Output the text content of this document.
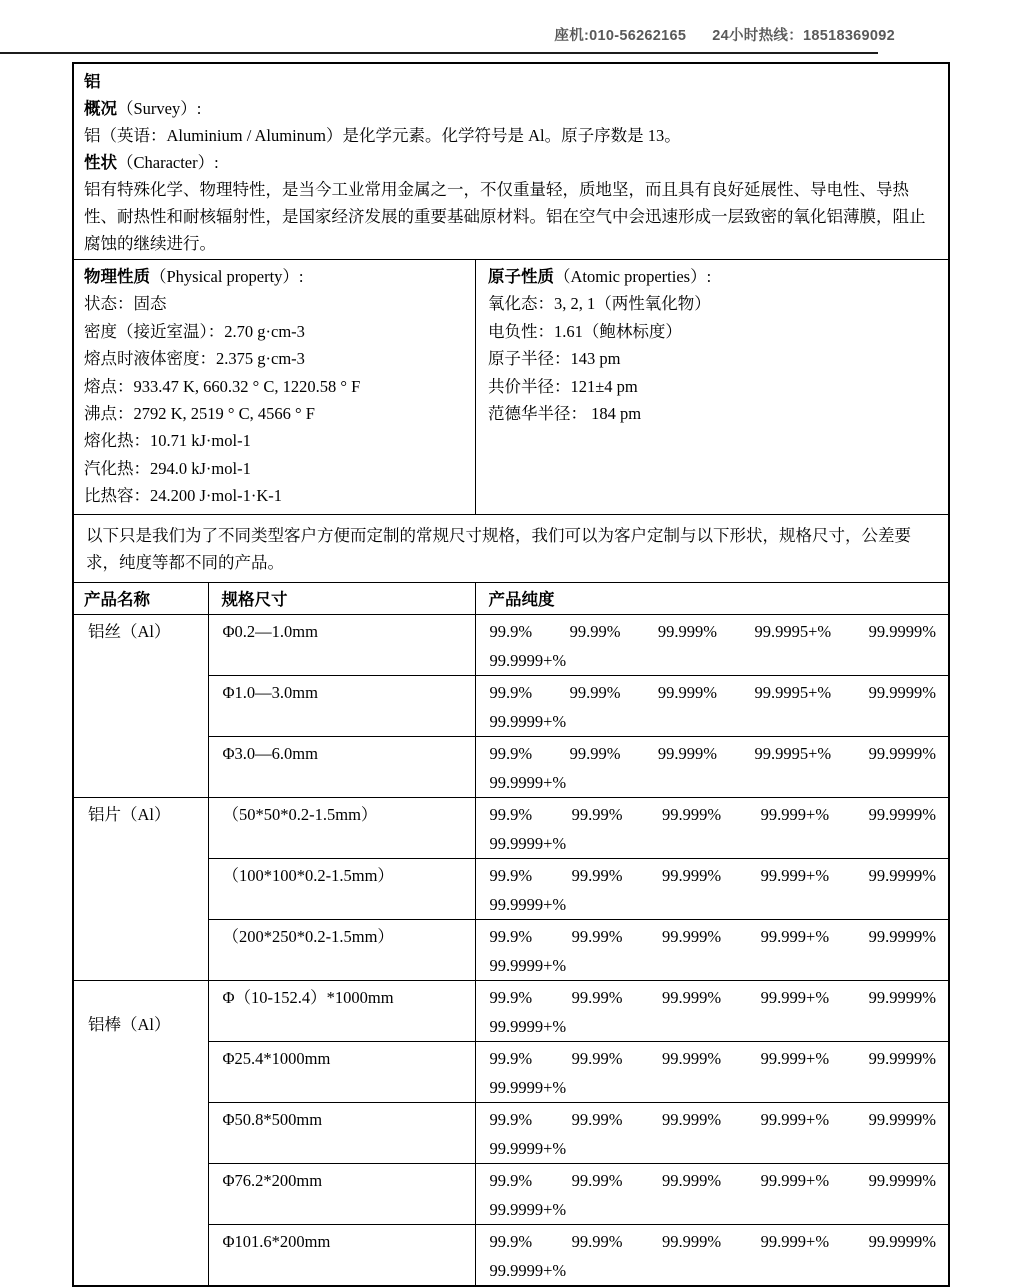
座机:010-56262165 24小时热线：18518369092
铝
概况（Survey）:
铝（英语：Aluminium / Aluminum）是化学元素。化学符号是 Al。原子序数是 13。
性状（Character）:
铝有特殊化学、物理特性，是当今工业常用金属之一，不仅重量轻，质地坚，而且具有良好延展性、导电性、导热性、耐热性和耐核辐射性，是国家经济发展的重要基础原材料。铝在空气中会迅速形成一层致密的氧化铝薄膜，阻止腐蚀的继续进行。
物理性质（Physical property）:
状态：固态
密度（接近室温）：2.70 g·cm-3
熔点时液体密度：2.375 g·cm-3
熔点：933.47 K, 660.32 ° C, 1220.58 ° F
沸点：2792 K, 2519 ° C, 4566 ° F
熔化热：10.71 kJ·mol-1
汽化热：294.0 kJ·mol-1
比热容：24.200 J·mol-1·K-1
原子性质（Atomic properties）:
氧化态：3, 2, 1（两性氧化物）
电负性：1.61（鲍林标度）
原子半径：143 pm
共价半径：121±4 pm
范德华半径： 184 pm
以下只是我们为了不同类型客户方便而定制的常规尺寸规格，我们可以为客户定制与以下形状，规格尺寸，公差要求，纯度等都不同的产品。
产品名称	规格尺寸	产品纯度
铝丝（Al）	Φ0.2—1.0mm	99.9% 99.99% 99.999% 99.9995+% 99.9999%
99.9999+%

Φ1.0—3.0mm	99.9% 99.99% 99.999% 99.9995+% 99.9999%
99.9999+%

Φ3.0—6.0mm	99.9% 99.99% 99.999% 99.9995+% 99.9999%
99.9999+%

铝片（Al）	（50*50*0.2-1.5mm）	99.9% 99.99% 99.999% 99.999+% 99.9999%
99.9999+%

（100*100*0.2-1.5mm）	99.9% 99.99% 99.999% 99.999+% 99.9999%
99.9999+%

（200*250*0.2-1.5mm）	99.9% 99.99% 99.999% 99.999+% 99.9999%
99.9999+%

铝棒（Al）	Φ（10-152.4）*1000mm	99.9% 99.99% 99.999% 99.999+% 99.9999%
99.9999+%

Φ25.4*1000mm	99.9% 99.99% 99.999% 99.999+% 99.9999%
99.9999+%

Φ50.8*500mm	99.9% 99.99% 99.999% 99.999+% 99.9999%
99.9999+%

Φ76.2*200mm	99.9% 99.99% 99.999% 99.999+% 99.9999%
99.9999+%

Φ101.6*200mm	99.9% 99.99% 99.999% 99.999+% 99.9999%
99.9999+%
